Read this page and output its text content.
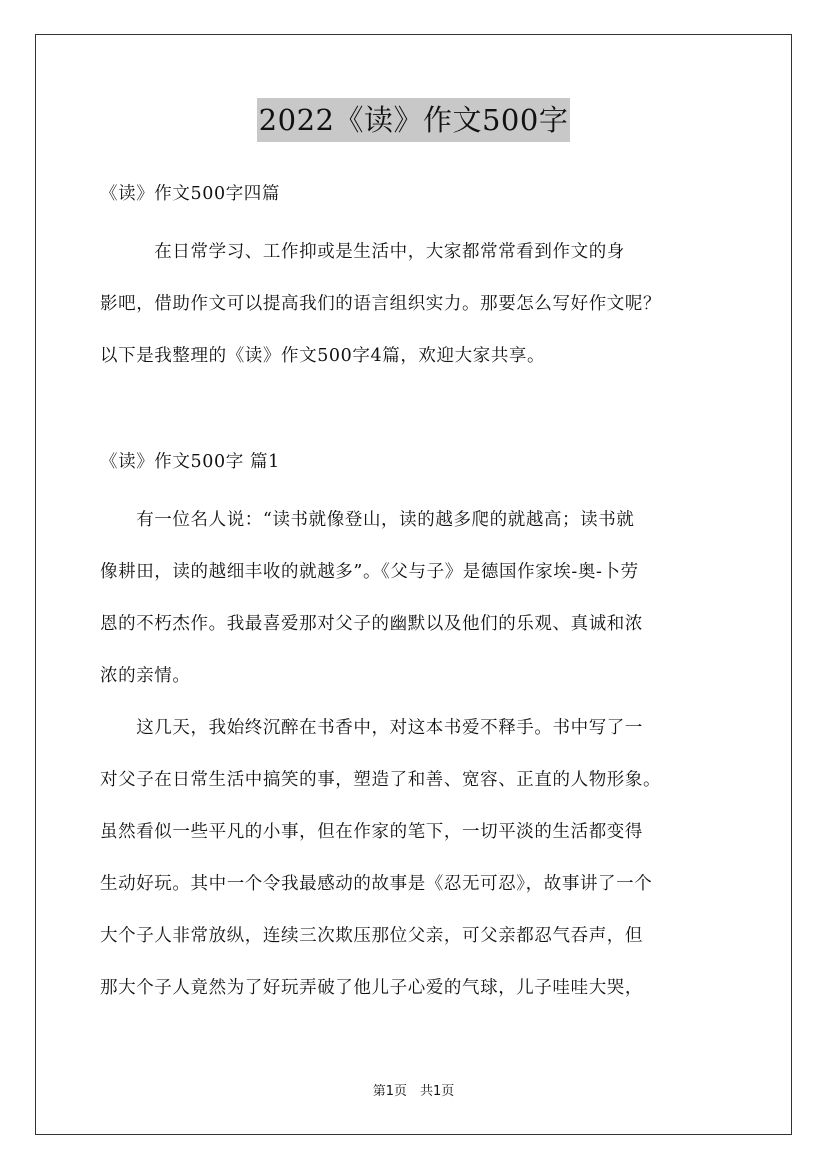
2022《读》作文500字
《读》作文500字四篇
　　　在日常学习、工作抑或是生活中，大家都常常看到作文的身
影吧，借助作文可以提高我们的语言组织实力。那要怎么写好作文呢？
以下是我整理的《读》作文500字4篇，欢迎大家共享。
《读》作文500字 篇1
　　有一位名人说：“读书就像登山，读的越多爬的就越高；读书就
像耕田，读的越细丰收的就越多”。《父与子》是德国作家埃-奥-卜劳
恩的不朽杰作。我最喜爱那对父子的幽默以及他们的乐观、真诚和浓
浓的亲情。
　　这几天，我始终沉醉在书香中，对这本书爱不释手。书中写了一
对父子在日常生活中搞笑的事，塑造了和善、宽容、正直的人物形象。
虽然看似一些平凡的小事，但在作家的笔下，一切平淡的生活都变得
生动好玩。其中一个令我最感动的故事是《忍无可忍》，故事讲了一个
大个子人非常放纵，连续三次欺压那位父亲，可父亲都忍气吞声，但
那大个子人竟然为了好玩弄破了他儿子心爱的气球，儿子哇哇大哭，
第1页　共1页
